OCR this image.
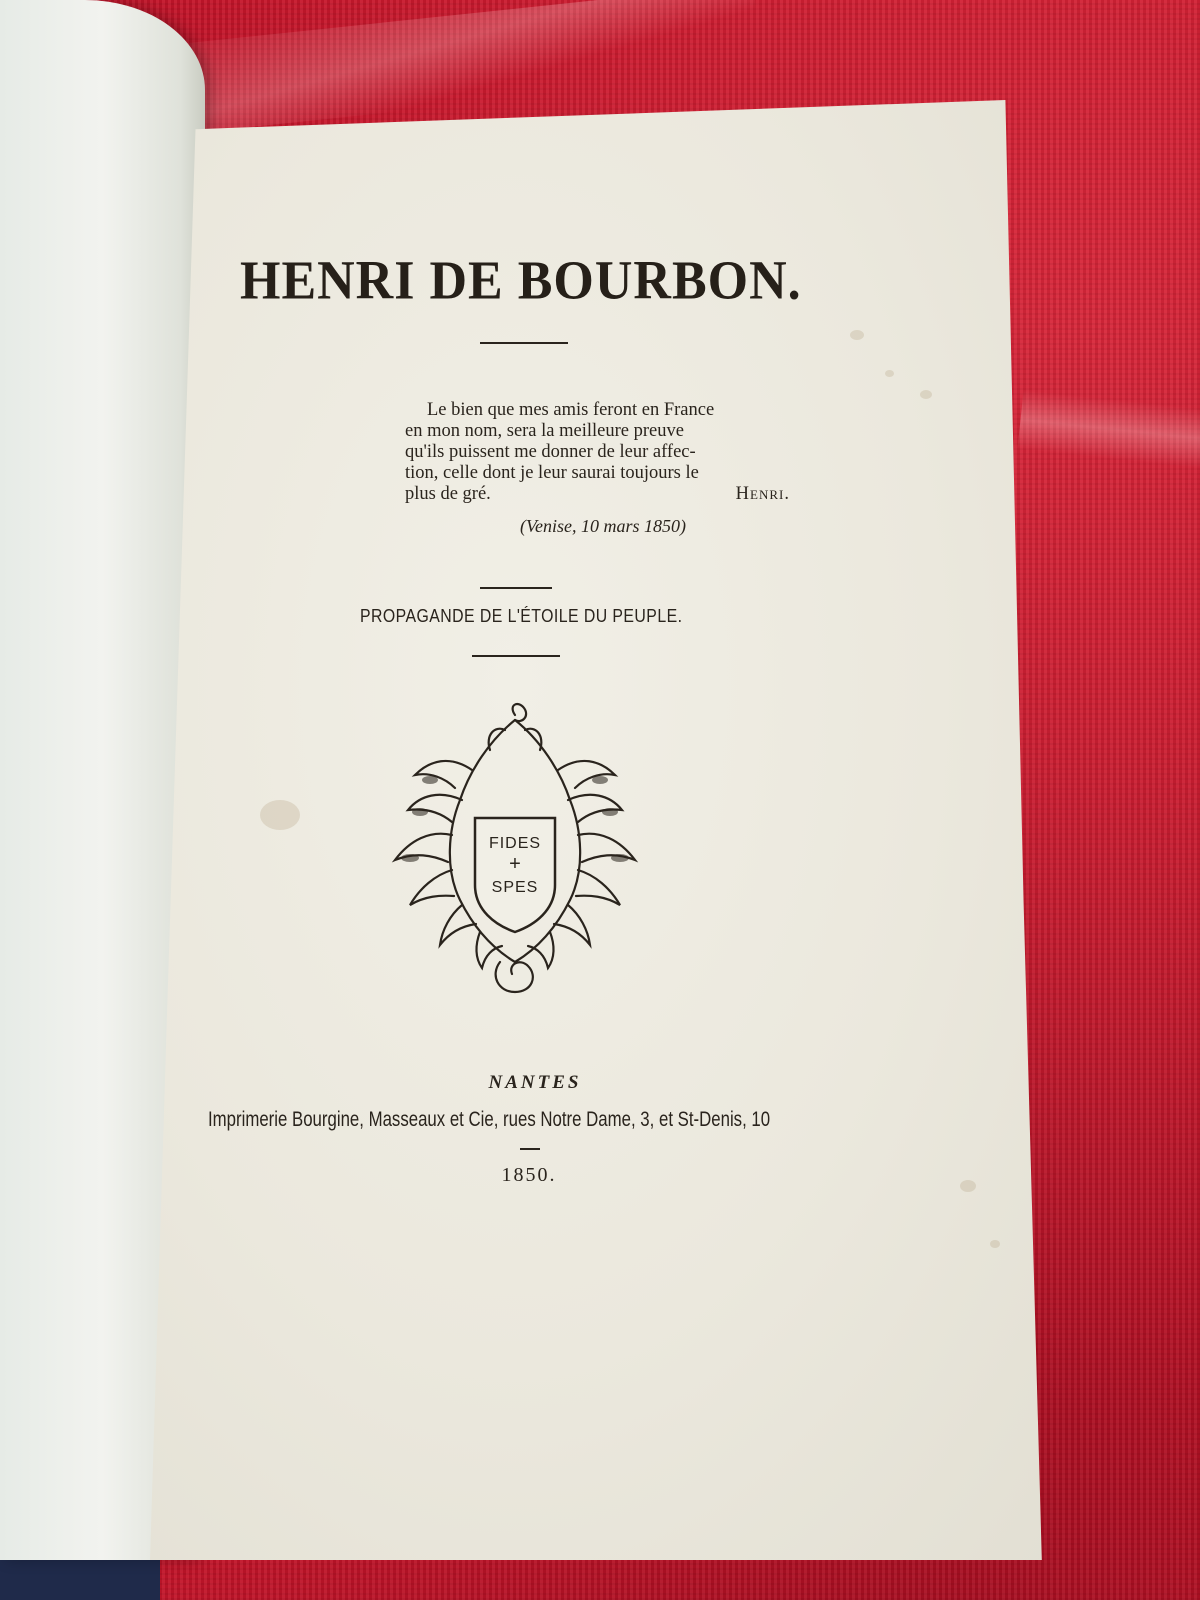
HENRI DE BOURBON.
Le bien que mes amis feront en France
en mon nom, sera la meilleure preuve
qu'ils puissent me donner de leur affec-
tion, celle dont je leur saurai toujours le
plus de gré.	Henri.
(Venise, 10 mars 1850)
PROPAGANDE DE L'ÉTOILE DU PEUPLE.
FIDES
+
SPES
NANTES
Imprimerie Bourgine, Masseaux et Cie, rues Notre Dame, 3, et St-Denis, 10
1850.
